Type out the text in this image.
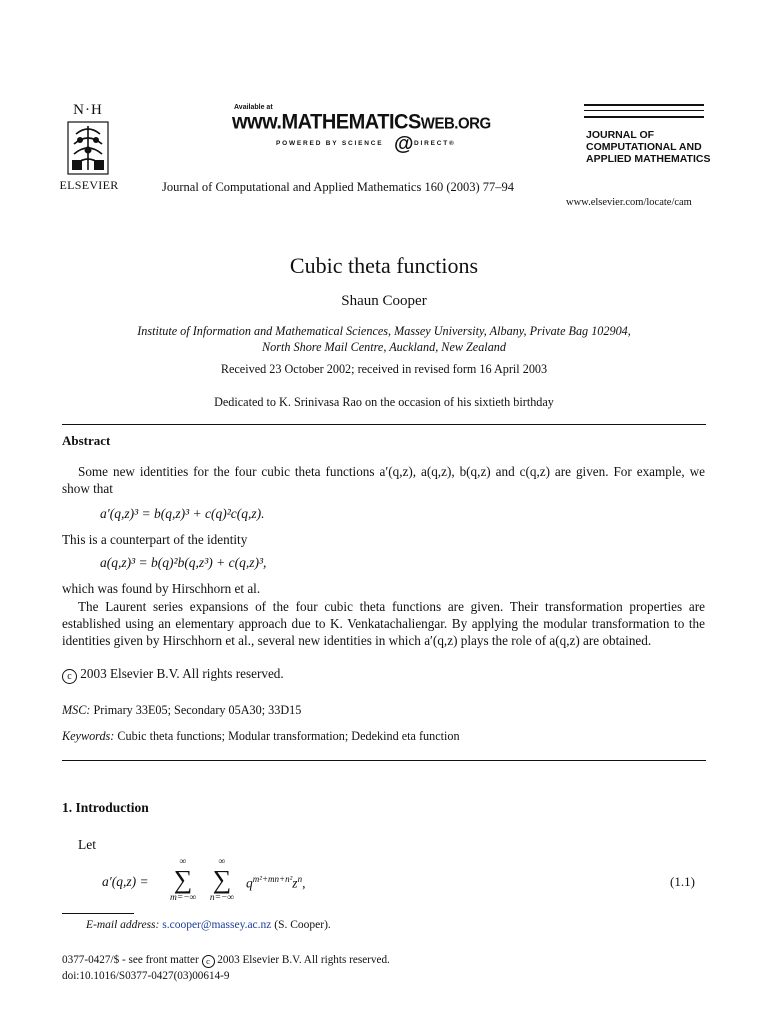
N·H
ELSEVIER
Available at
www.MATHEMATICSWEB.ORG
POWERED BY SCIENCE @ DIRECT®
Journal of Computational and Applied Mathematics 160 (2003) 77–94
JOURNAL OF
COMPUTATIONAL AND
APPLIED MATHEMATICS
www.elsevier.com/locate/cam
Cubic theta functions
Shaun Cooper
Institute of Information and Mathematical Sciences, Massey University, Albany, Private Bag 102904,
North Shore Mail Centre, Auckland, New Zealand
Received 23 October 2002; received in revised form 16 April 2003
Dedicated to K. Srinivasa Rao on the occasion of his sixtieth birthday
Abstract
Some new identities for the four cubic theta functions a′(q,z), a(q,z), b(q,z) and c(q,z) are given. For example, we show that
a′(q,z)³ = b(q,z)³ + c(q)²c(q,z).
This is a counterpart of the identity
a(q,z)³ = b(q)²b(q,z³) + c(q,z)³,
which was found by Hirschhorn et al.
The Laurent series expansions of the four cubic theta functions are given. Their transformation properties are established using an elementary approach due to K. Venkatachaliengar. By applying the modular transformation to the identities given by Hirschhorn et al., several new identities in which a′(q,z) plays the role of a(q,z) are obtained.
c 2003 Elsevier B.V. All rights reserved.
MSC: Primary 33E05; Secondary 05A30; 33D15
Keywords: Cubic theta functions; Modular transformation; Dedekind eta function
1. Introduction
Let
a′(q,z) =
∞
∑
m=−∞
∞
∑
n=−∞
$q^{m^2+mn+n^2}z^n$,	(1.1)
E-mail address: s.cooper@massey.ac.nz (S. Cooper).
0377-0427/$ - see front matter c 2003 Elsevier B.V. All rights reserved.
doi:10.1016/S0377-0427(03)00614-9
